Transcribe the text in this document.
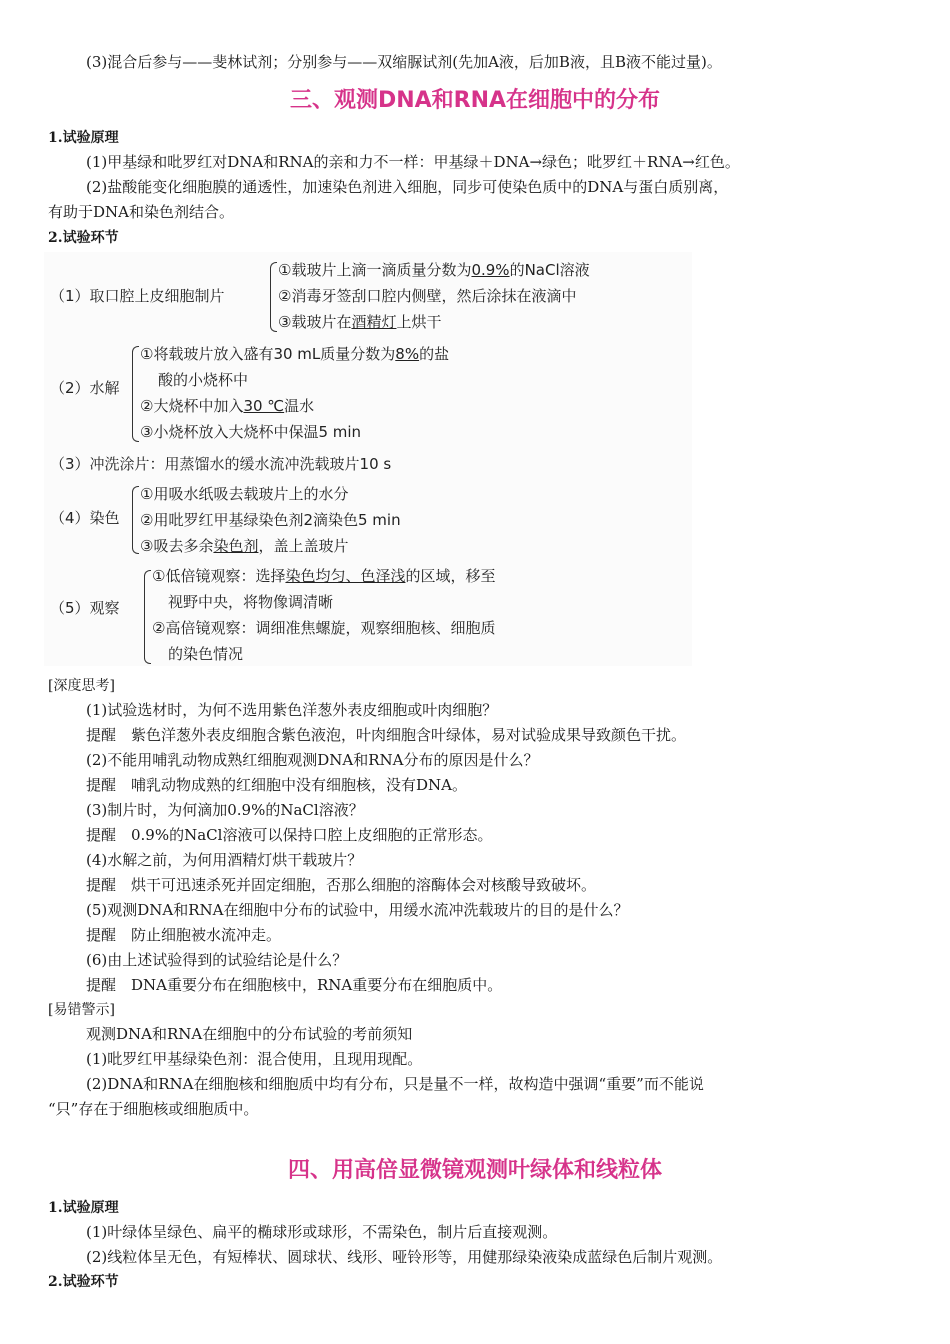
(3)混合后参与——斐林试剂；分别参与——双缩脲试剂(先加A液，后加B液，且B液不能过量)。
三、观测DNA和RNA在细胞中的分布
1.试验原理
(1)甲基绿和吡罗红对DNA和RNA的亲和力不一样：甲基绿＋DNA→绿色；吡罗红＋RNA→红色。
(2)盐酸能变化细胞膜的通透性，加速染色剂进入细胞，同步可使染色质中的DNA与蛋白质别离，
有助于DNA和染色剂结合。
2.试验环节
（1）取口腔上皮细胞制片
①载玻片上滴一滴质量分数为0.9%的NaCl溶液
②消毒牙签刮口腔内侧壁，然后涂抹在液滴中
③载玻片在酒精灯上烘干
（2）水解
①将载玻片放入盛有30 mL质量分数为8%的盐
酸的小烧杯中
②大烧杯中加入30 ℃温水
③小烧杯放入大烧杯中保温5 min
（3）冲洗涂片：用蒸馏水的缓水流冲洗载玻片10 s
（4）染色
①用吸水纸吸去载玻片上的水分
②用吡罗红甲基绿染色剂2滴染色5 min
③吸去多余染色剂，盖上盖玻片
（5）观察
①低倍镜观察：选择染色均匀、色泽浅的区域，移至
视野中央，将物像调清晰
②高倍镜观察：调细准焦螺旋，观察细胞核、细胞质
的染色情况
[深度思考]
(1)试验选材时，为何不选用紫色洋葱外表皮细胞或叶肉细胞？
提醒　紫色洋葱外表皮细胞含紫色液泡，叶肉细胞含叶绿体，易对试验成果导致颜色干扰。
(2)不能用哺乳动物成熟红细胞观测DNA和RNA分布的原因是什么？
提醒　哺乳动物成熟的红细胞中没有细胞核，没有DNA。
(3)制片时，为何滴加0.9%的NaCl溶液？
提醒　0.9%的NaCl溶液可以保持口腔上皮细胞的正常形态。
(4)水解之前，为何用酒精灯烘干载玻片？
提醒　烘干可迅速杀死并固定细胞，否那么细胞的溶酶体会对核酸导致破坏。
(5)观测DNA和RNA在细胞中分布的试验中，用缓水流冲洗载玻片的目的是什么？
提醒　防止细胞被水流冲走。
(6)由上述试验得到的试验结论是什么？
提醒　DNA重要分布在细胞核中，RNA重要分布在细胞质中。
[易错警示]
观测DNA和RNA在细胞中的分布试验的考前须知
(1)吡罗红甲基绿染色剂：混合使用，且现用现配。
(2)DNA和RNA在细胞核和细胞质中均有分布，只是量不一样，故构造中强调“重要”而不能说
“只”存在于细胞核或细胞质中。
四、用高倍显微镜观测叶绿体和线粒体
1.试验原理
(1)叶绿体呈绿色、扁平的椭球形或球形，不需染色，制片后直接观测。
(2)线粒体呈无色，有短棒状、圆球状、线形、哑铃形等，用健那绿染液染成蓝绿色后制片观测。
2.试验环节
